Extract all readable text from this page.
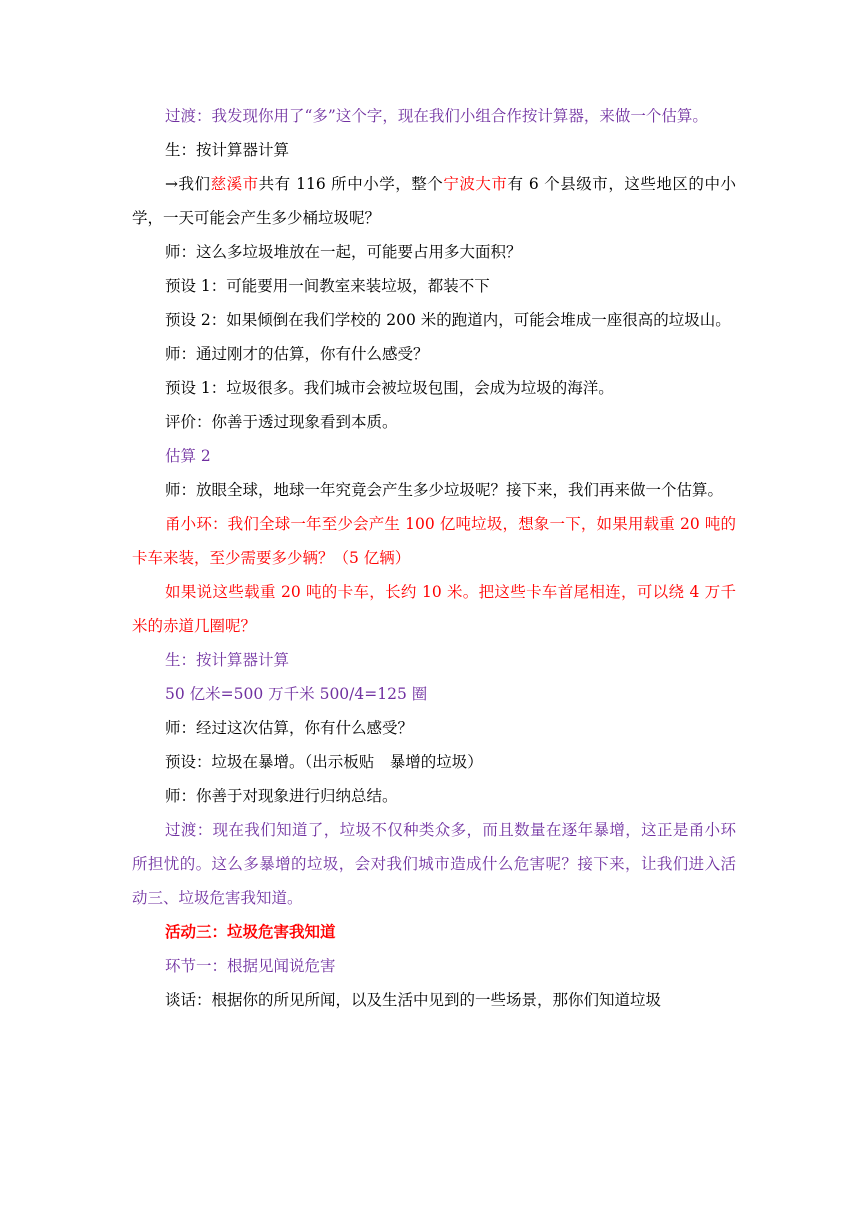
过渡：我发现你用了“多”这个字，现在我们小组合作按计算器，来做一个估算。

生：按计算器计算

→我们慈溪市共有 116 所中小学，整个宁波大市有 6 个县级市，这些地区的中小学，一天可能会产生多少桶垃圾呢？

师：这么多垃圾堆放在一起，可能要占用多大面积？

预设 1：可能要用一间教室来装垃圾，都装不下

预设 2：如果倾倒在我们学校的 200 米的跑道内，可能会堆成一座很高的垃圾山。

师：通过刚才的估算，你有什么感受？

预设 1：垃圾很多。我们城市会被垃圾包围，会成为垃圾的海洋。

评价：你善于透过现象看到本质。

估算 2

师：放眼全球，地球一年究竟会产生多少垃圾呢？接下来，我们再来做一个估算。

甬小环：我们全球一年至少会产生 100 亿吨垃圾，想象一下，如果用载重 20 吨的卡车来装，至少需要多少辆？（5 亿辆）

如果说这些载重 20 吨的卡车，长约 10 米。把这些卡车首尾相连，可以绕 4 万千米的赤道几圈呢？

生：按计算器计算

50 亿米=500 万千米 500/4=125 圈

师：经过这次估算，你有什么感受？

预设：垃圾在暴增。（出示板贴　暴增的垃圾）

师：你善于对现象进行归纳总结。

过渡：现在我们知道了，垃圾不仅种类众多，而且数量在逐年暴增，这正是甬小环所担忧的。这么多暴增的垃圾，会对我们城市造成什么危害呢？接下来，让我们进入活动三、垃圾危害我知道。

活动三：垃圾危害我知道

环节一：根据见闻说危害

谈话：根据你的所见所闻，以及生活中见到的一些场景，那你们知道垃圾
